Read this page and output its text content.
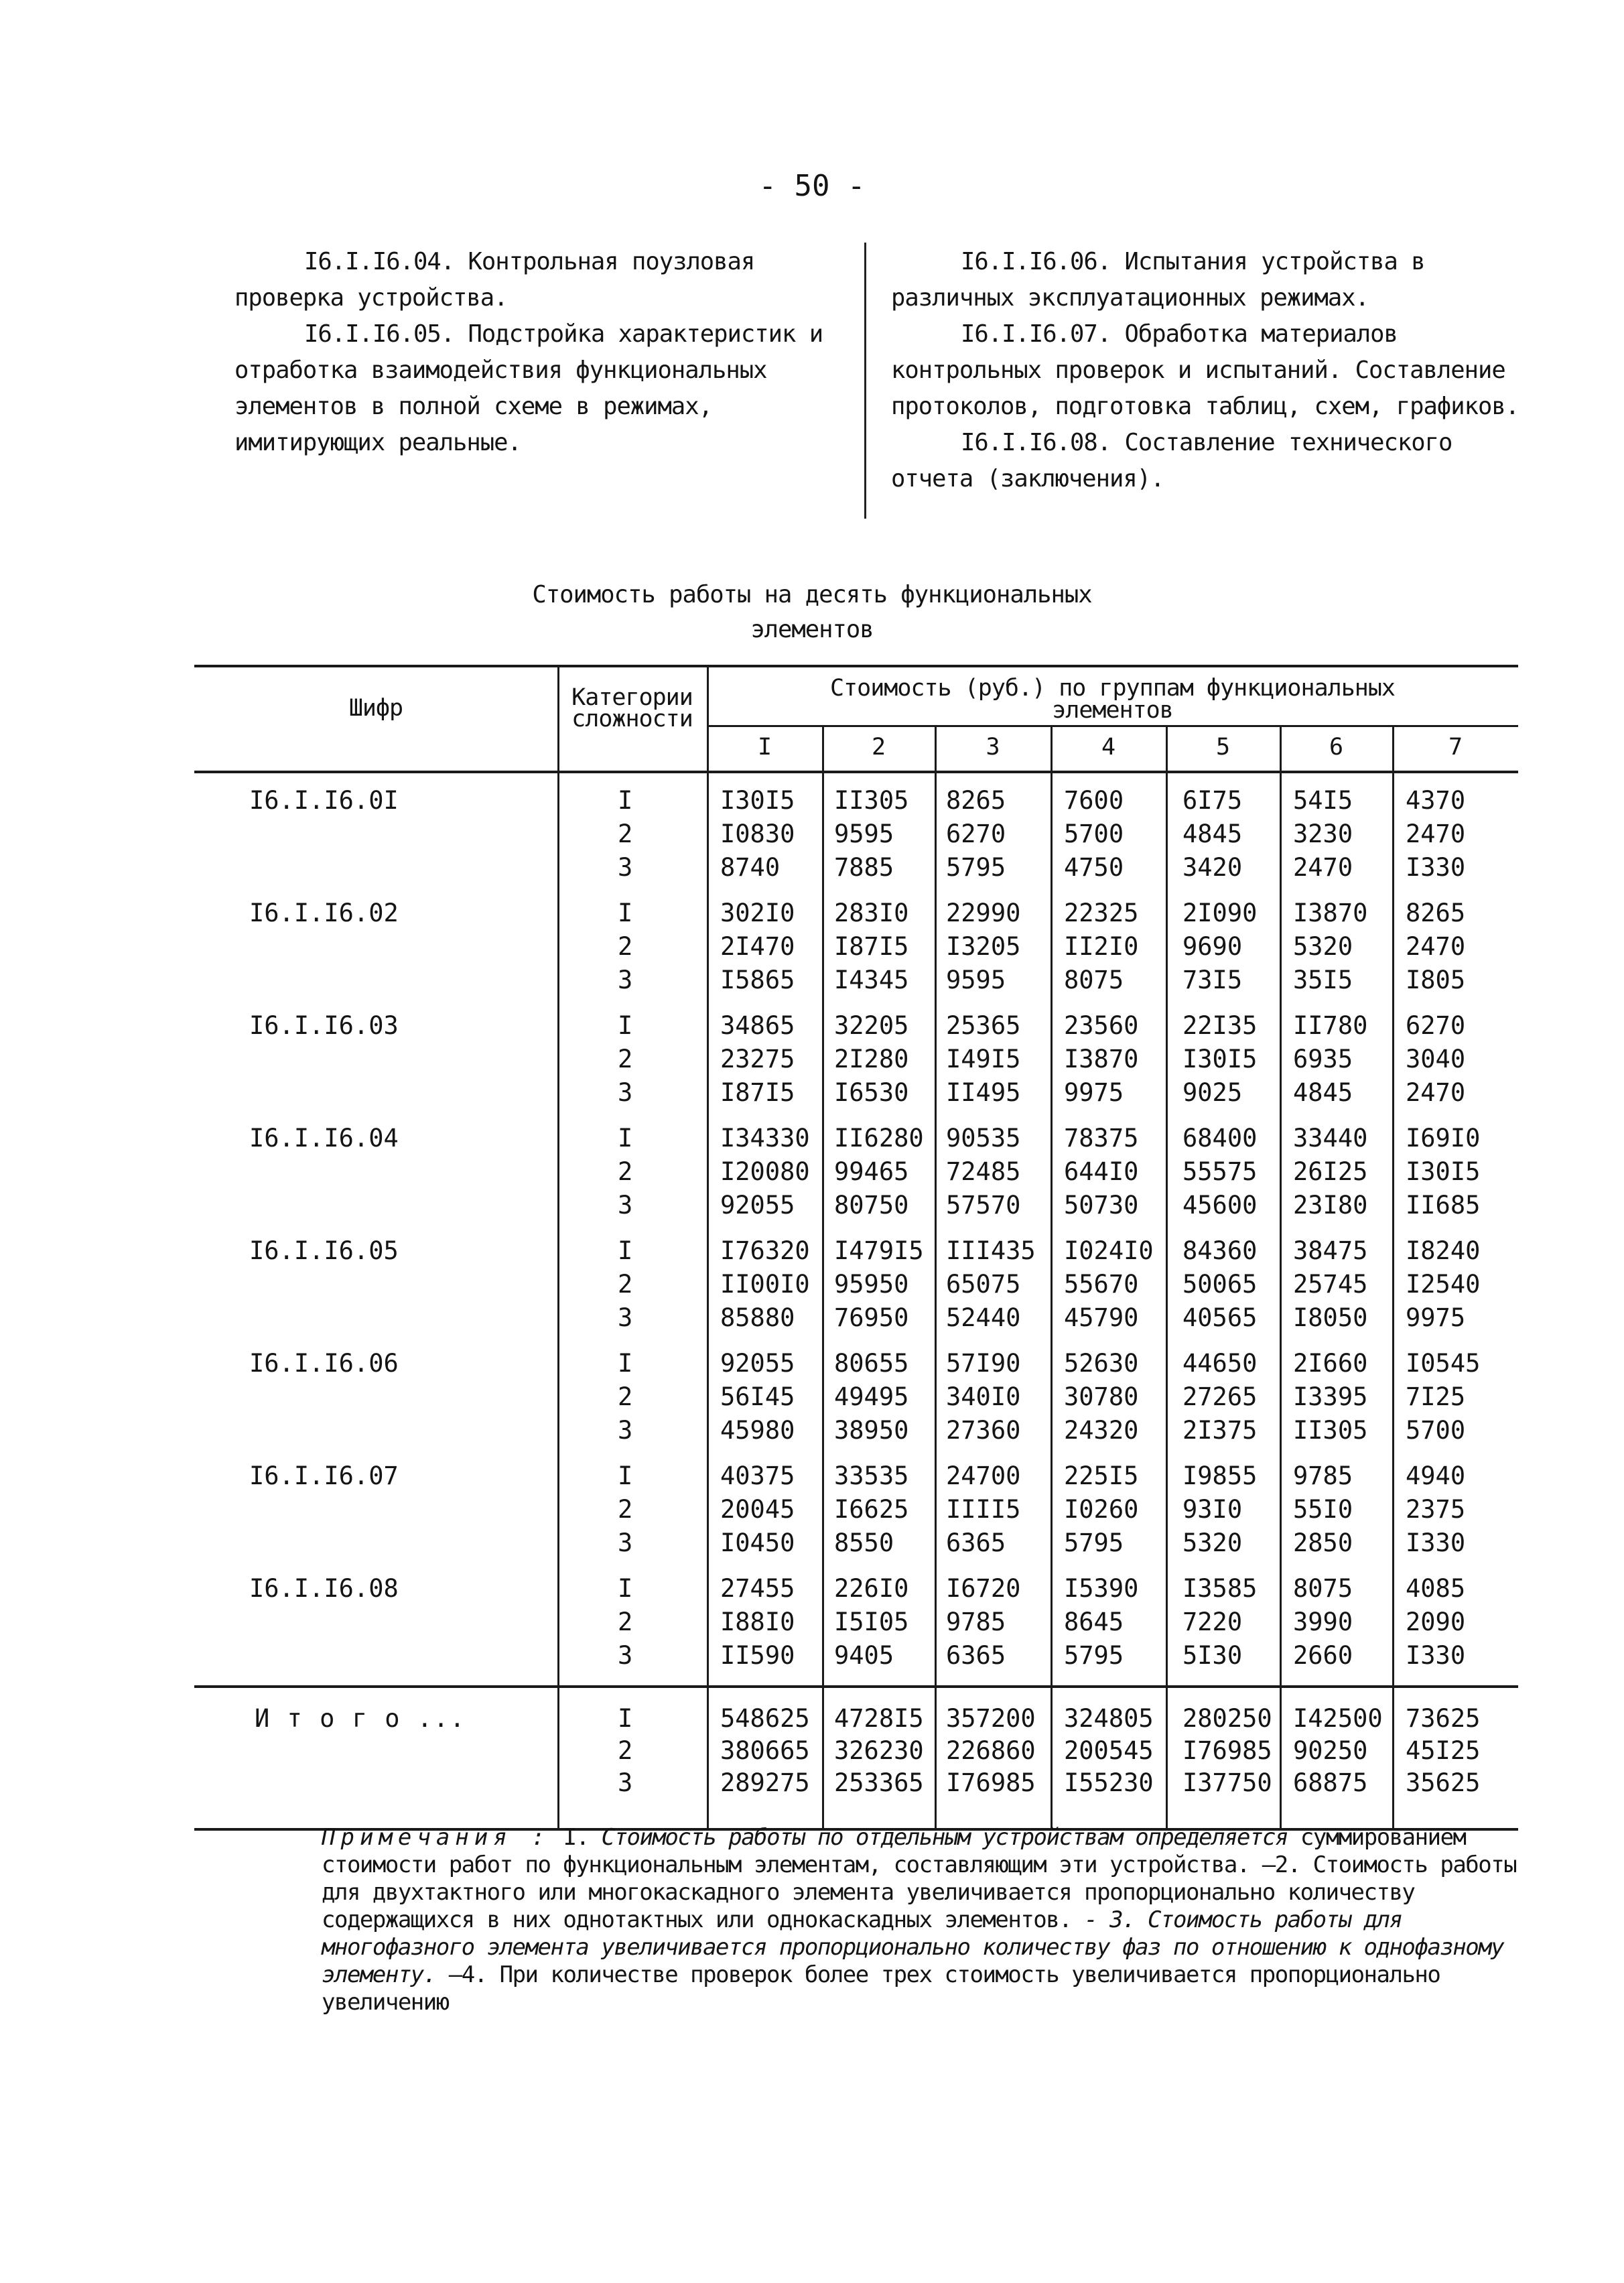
- 50 -

I6.I.I6.04. Контрольная поузловая проверка устройства.

I6.I.I6.05. Подстройка характеристик и отработка взаимодействия функциональных элементов в полной схеме в режимах, имитирующих реальные.

I6.I.I6.06. Испытания устройства в различных эксплуатационных режимах.

I6.I.I6.07. Обработка материалов контрольных проверок и испытаний. Составление протоколов, подготовка таблиц, схем, графиков.

I6.I.I6.08. Составление технического отчета (заключения).

Стоимость работы на десять функциональных
элементов
Шифр	Категории
сложности
Стоимость (руб.) по группам функциональных
элементов
I	2	3	4	5	6	7
I6.I.I6.0I	I	I30I5 II305 8265 7600 6I75 54I5 4370
2	I0830 9595 6270 5700 4845 3230 2470
3	8740 7885 5795 4750 3420 2470 I330
I6.I.I6.02	I	302I0 283I0 22990 22325 2I090 I3870 8265
2	2I470 I87I5 I3205 II2I0 9690 5320 2470
3	I5865 I4345 9595 8075 73I5 35I5 I805
I6.I.I6.03	I	34865 32205 25365 23560 22I35 II780 6270
2	23275 2I280 I49I5 I3870 I30I5 6935 3040
3	I87I5 I6530 II495 9975 9025 4845 2470
I6.I.I6.04	I	I34330 II6280 90535 78375 68400 33440 I69I0
2	I20080 99465 72485 644I0 55575 26I25 I30I5
3	92055 80750 57570 50730 45600 23I80 II685
I6.I.I6.05	I	I76320 I479I5 III435 I024I0 84360 38475 I8240
2	II00I0 95950 65075 55670 50065 25745 I2540
3	85880 76950 52440 45790 40565 I8050 9975
I6.I.I6.06	I	92055 80655 57I90 52630 44650 2I660 I0545
2	56I45 49495 340I0 30780 27265 I3395 7I25
3	45980 38950 27360 24320 2I375 II305 5700
I6.I.I6.07	I	40375 33535 24700 225I5 I9855 9785 4940
2	20045 I6625 IIII5 I0260 93I0 55I0 2375
3	I0450 8550 6365 5795 5320 2850 I330
I6.I.I6.08	I	27455 226I0 I6720 I5390 I3585 8075 4085
2	I88I0 I5I05 9785 8645 7220 3990 2090
3	II590 9405 6365 5795 5I30 2660 I330
И т о г о ...	I	548625 4728I5 357200 324805 280250 I42500 73625
2	380665 326230 226860 200545 I76985 90250 45I25
3	289275 253365 I76985 I55230 I37750 68875 35625
Примечания : I. Стоимость работы по отдельным устройствам определяется суммированием стоимости работ по функциональным элементам, составляющим эти устройства. –2. Стоимость работы для двухтактного или многокаскадного элемента увеличивается пропорционально количеству содержащихся в них однотактных или однокаскадных элементов. - 3. Стоимость работы для многофазного элемента увеличивается пропорционально количеству фаз по отношению к однофазному элементу. –4. При количестве проверок более трех стоимость увеличивается пропорционально увеличению
